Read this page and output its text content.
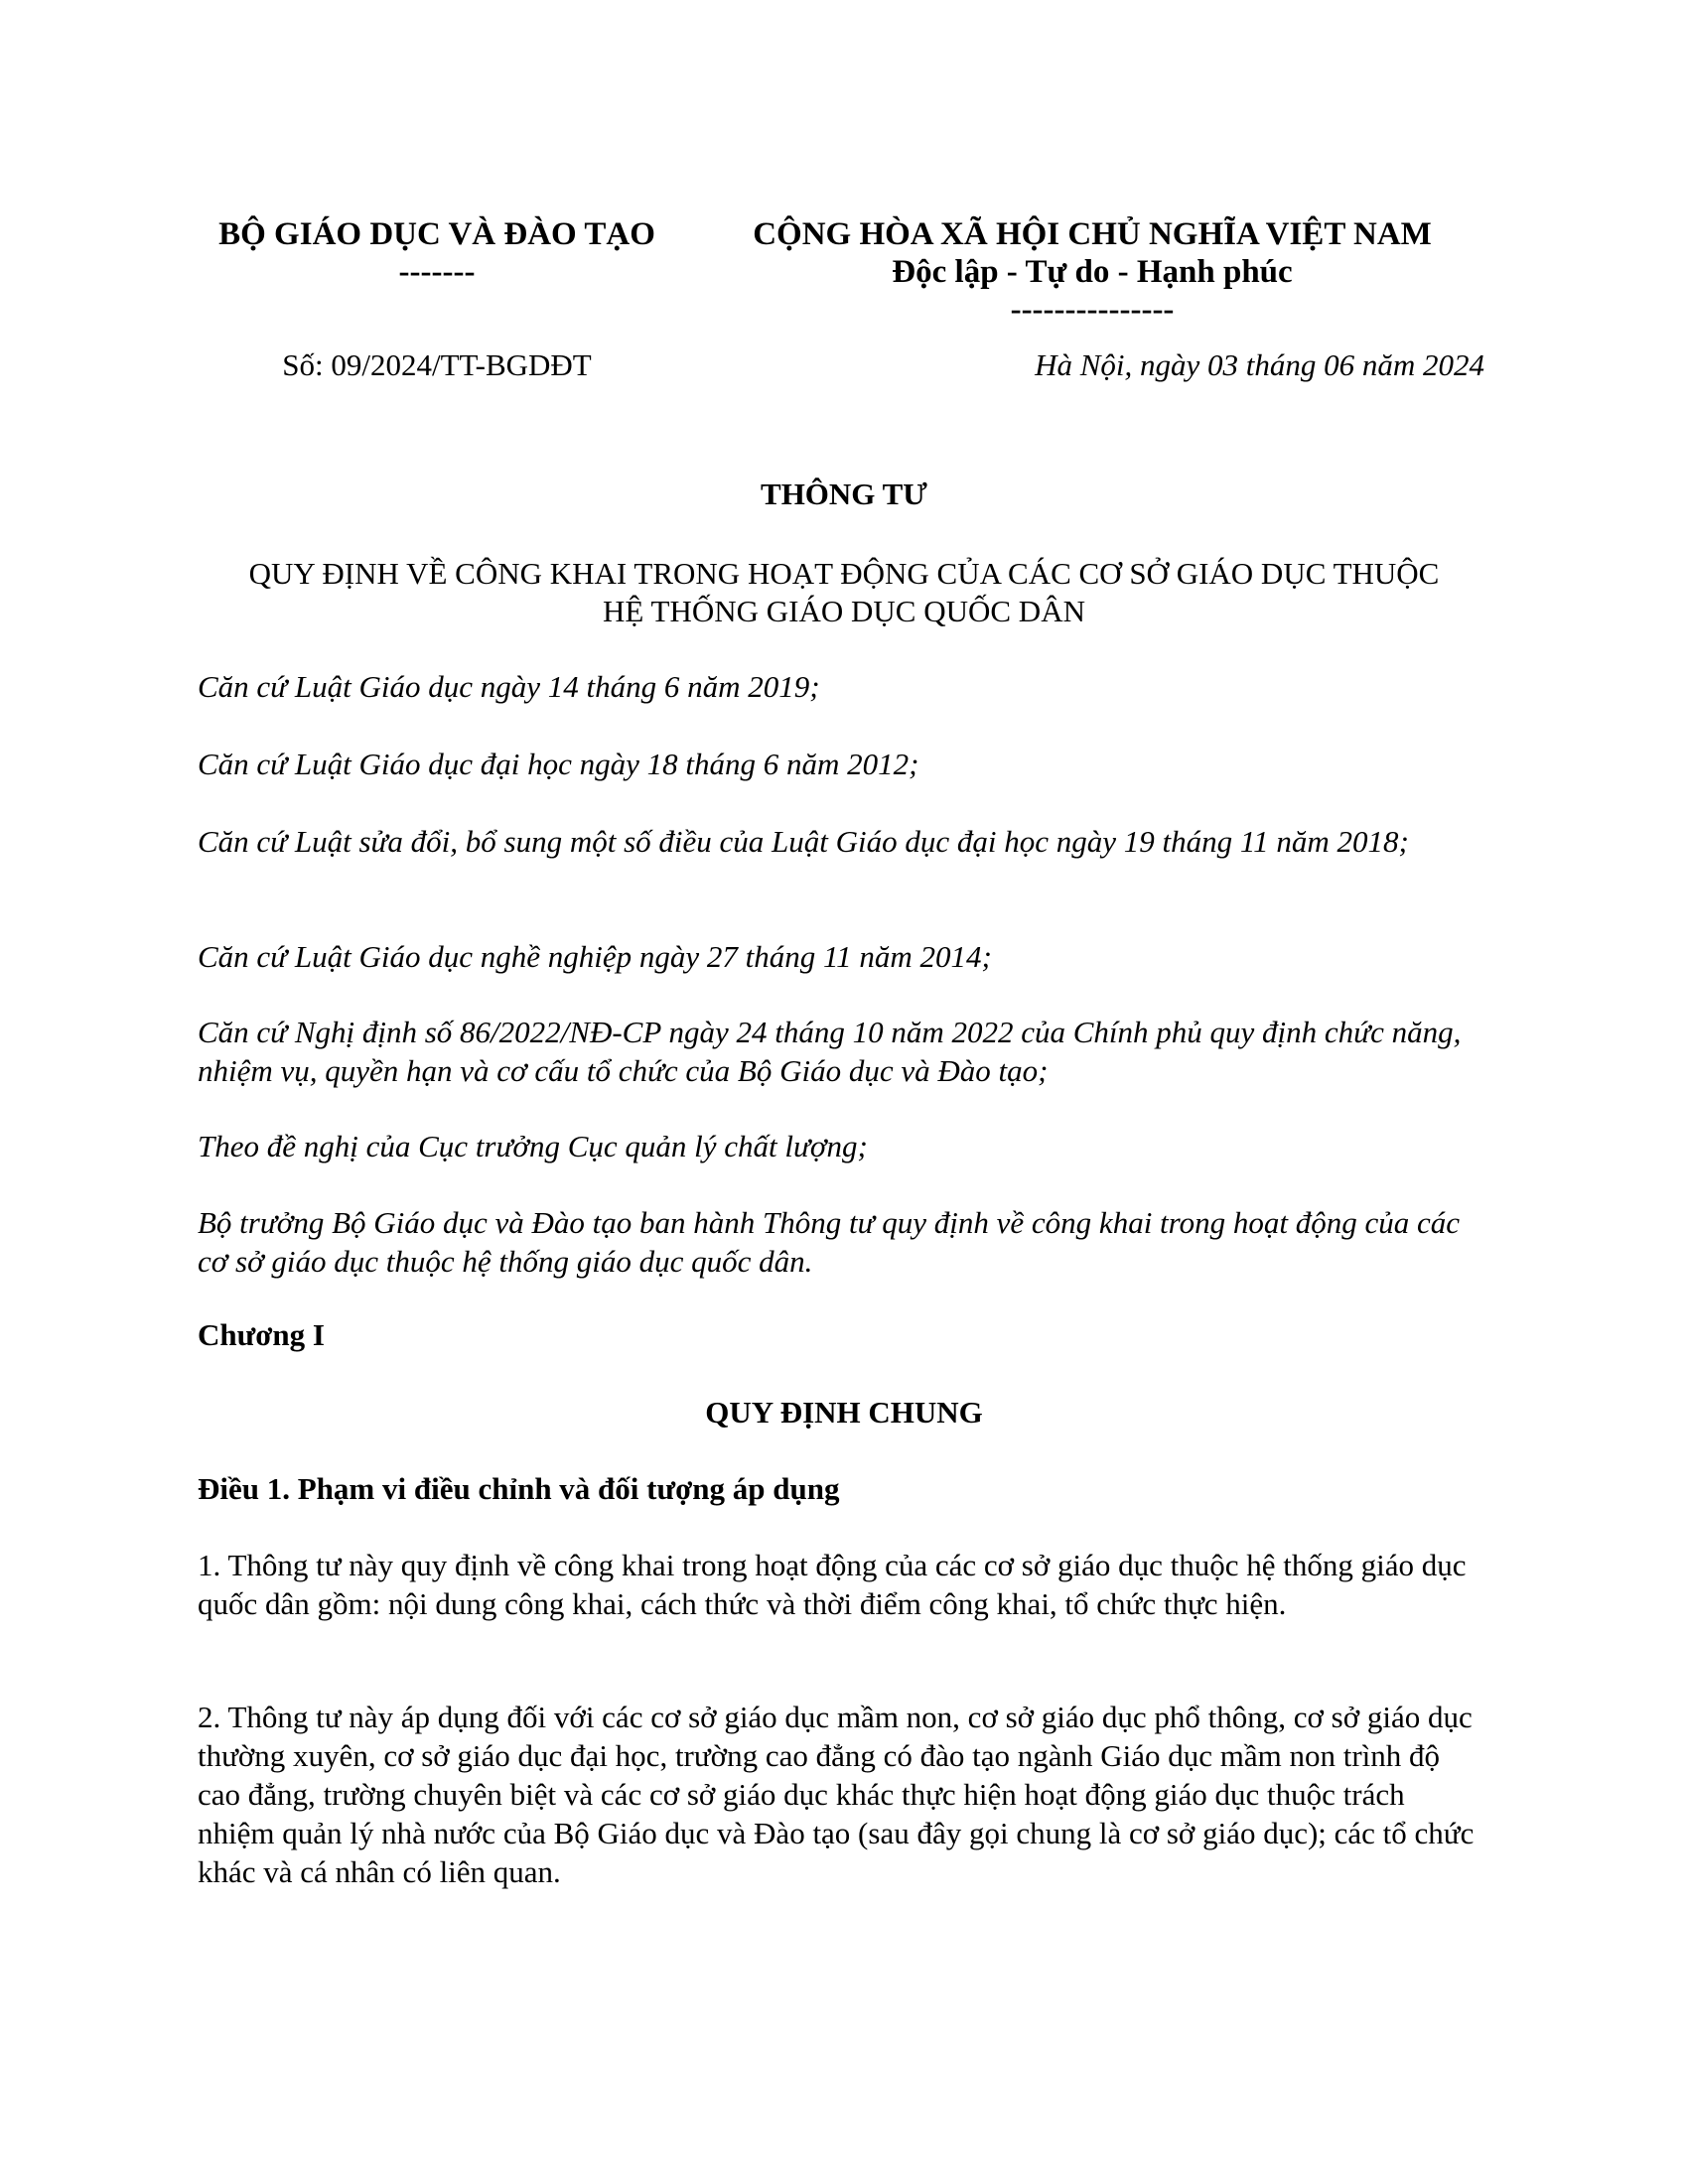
BỘ GIÁO DỤC VÀ ĐÀO TẠO
-------
CỘNG HÒA XÃ HỘI CHỦ NGHĨA VIỆT NAM
Độc lập - Tự do - Hạnh phúc
---------------
Số: 09/2024/TT-BGDĐT	Hà Nội, ngày 03 tháng 06 năm 2024
THÔNG TƯ
QUY ĐỊNH VỀ CÔNG KHAI TRONG HOẠT ĐỘNG CỦA CÁC CƠ SỞ GIÁO DỤC THUỘC
HỆ THỐNG GIÁO DỤC QUỐC DÂN
Căn cứ Luật Giáo dục ngày 14 tháng 6 năm 2019;
Căn cứ Luật Giáo dục đại học ngày 18 tháng 6 năm 2012;
Căn cứ Luật sửa đổi, bổ sung một số điều của Luật Giáo dục đại học ngày 19 tháng 11 năm 2018;
Căn cứ Luật Giáo dục nghề nghiệp ngày 27 tháng 11 năm 2014;
Căn cứ Nghị định số 86/2022/NĐ-CP ngày 24 tháng 10 năm 2022 của Chính phủ quy định chức năng, nhiệm vụ, quyền hạn và cơ cấu tổ chức của Bộ Giáo dục và Đào tạo;
Theo đề nghị của Cục trưởng Cục quản lý chất lượng;
Bộ trưởng Bộ Giáo dục và Đào tạo ban hành Thông tư quy định về công khai trong hoạt động của các cơ sở giáo dục thuộc hệ thống giáo dục quốc dân.
Chương I
QUY ĐỊNH CHUNG
Điều 1. Phạm vi điều chỉnh và đối tượng áp dụng
1. Thông tư này quy định về công khai trong hoạt động của các cơ sở giáo dục thuộc hệ thống giáo dục quốc dân gồm: nội dung công khai, cách thức và thời điểm công khai, tổ chức thực hiện.
2. Thông tư này áp dụng đối với các cơ sở giáo dục mầm non, cơ sở giáo dục phổ thông, cơ sở giáo dục thường xuyên, cơ sở giáo dục đại học, trường cao đẳng có đào tạo ngành Giáo dục mầm non trình độ cao đẳng, trường chuyên biệt và các cơ sở giáo dục khác thực hiện hoạt động giáo dục thuộc trách nhiệm quản lý nhà nước của Bộ Giáo dục và Đào tạo (sau đây gọi chung là cơ sở giáo dục); các tổ chức khác và cá nhân có liên quan.
